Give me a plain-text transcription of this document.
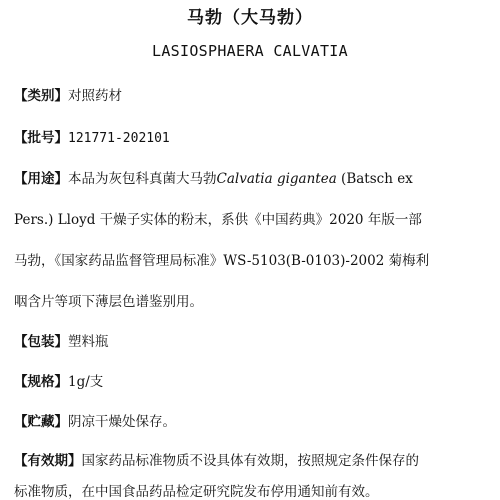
马勃（大马勃）
LASIOSPHAERA CALVATIA
【类别】对照药材
【批号】121771-202101
【用途】本品为灰包科真菌大马勃Calvatia gigantea (Batsch ex
Pers.) Lloyd 干燥子实体的粉末，系供《中国药典》2020 年版一部
马勃，《国家药品监督管理局标准》WS-5103(B-0103)-2002 菊梅利
咽含片等项下薄层色谱鉴别用。
【包装】塑料瓶
【规格】1g/支
【贮藏】阴凉干燥处保存。
【有效期】国家药品标准物质不设具体有效期，按照规定条件保存的
标准物质，在中国食品药品检定研究院发布停用通知前有效。
